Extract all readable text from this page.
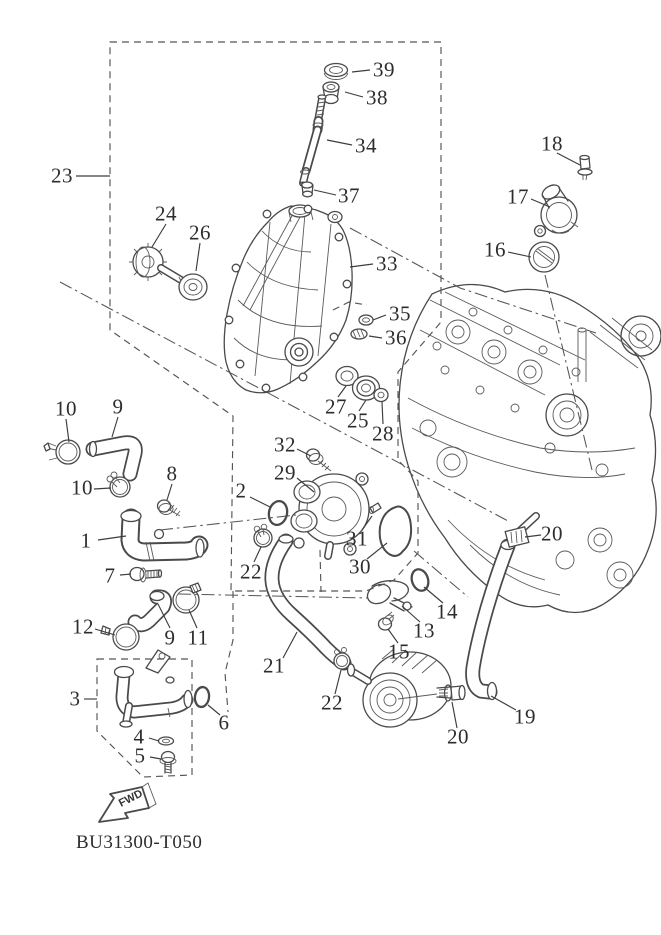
FWD
39
38
34
37
23
24
26
33
35
36
27
25
28
18
17
16
10 9
10
8
2
32
29
1	31
30
7	22
12	9 11
3
6
4
5
21
22
13
15
14
20
19
20
BU31300-T050
